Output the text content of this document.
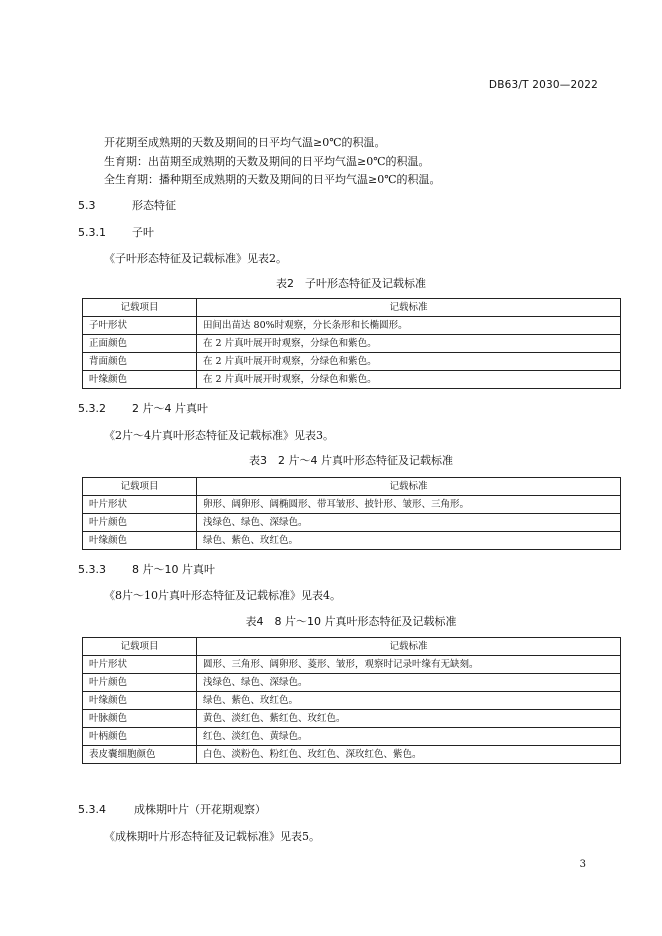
DB63/T 2030—2022
开花期至成熟期的天数及期间的日平均气温≥0℃的积温。
生育期：出苗期至成熟期的天数及期间的日平均气温≥0℃的积温。
全生育期：播种期至成熟期的天数及期间的日平均气温≥0℃的积温。
5.3	形态特征
5.3.1 子叶
《子叶形态特征及记载标准》见表2。
表2　子叶形态特征及记载标准
记载项目	记载标准
子叶形状	田间出苗达 80%时观察，分长条形和长椭圆形。
正面颜色	在 2 片真叶展开时观察，分绿色和紫色。
背面颜色	在 2 片真叶展开时观察，分绿色和紫色。
叶缘颜色	在 2 片真叶展开时观察，分绿色和紫色。
5.3.2 2 片～4 片真叶
《2片～4片真叶形态特征及记载标准》见表3。
表3　2 片～4 片真叶形态特征及记载标准
记载项目	记载标准
叶片形状	卵形、阔卵形、阔椭圆形、带耳皱形、披针形、皱形、三角形。
叶片颜色	浅绿色、绿色、深绿色。
叶缘颜色	绿色、紫色、玫红色。
5.3.3 8 片～10 片真叶
《8片～10片真叶形态特征及记载标准》见表4。
表4　8 片～10 片真叶形态特征及记载标准
记载项目	记载标准
叶片形状	圆形、三角形、阔卵形、菱形、皱形，观察时记录叶缘有无缺刻。
叶片颜色	浅绿色、绿色、深绿色。
叶缘颜色	绿色、紫色、玫红色。
叶脉颜色	黄色、淡红色、紫红色、玫红色。
叶柄颜色	红色、淡红色、黄绿色。
表皮囊细胞颜色	白色、淡粉色、粉红色、玫红色、深玫红色、紫色。
5.3.4	成株期叶片（开花期观察）
《成株期叶片形态特征及记载标准》见表5。
3
